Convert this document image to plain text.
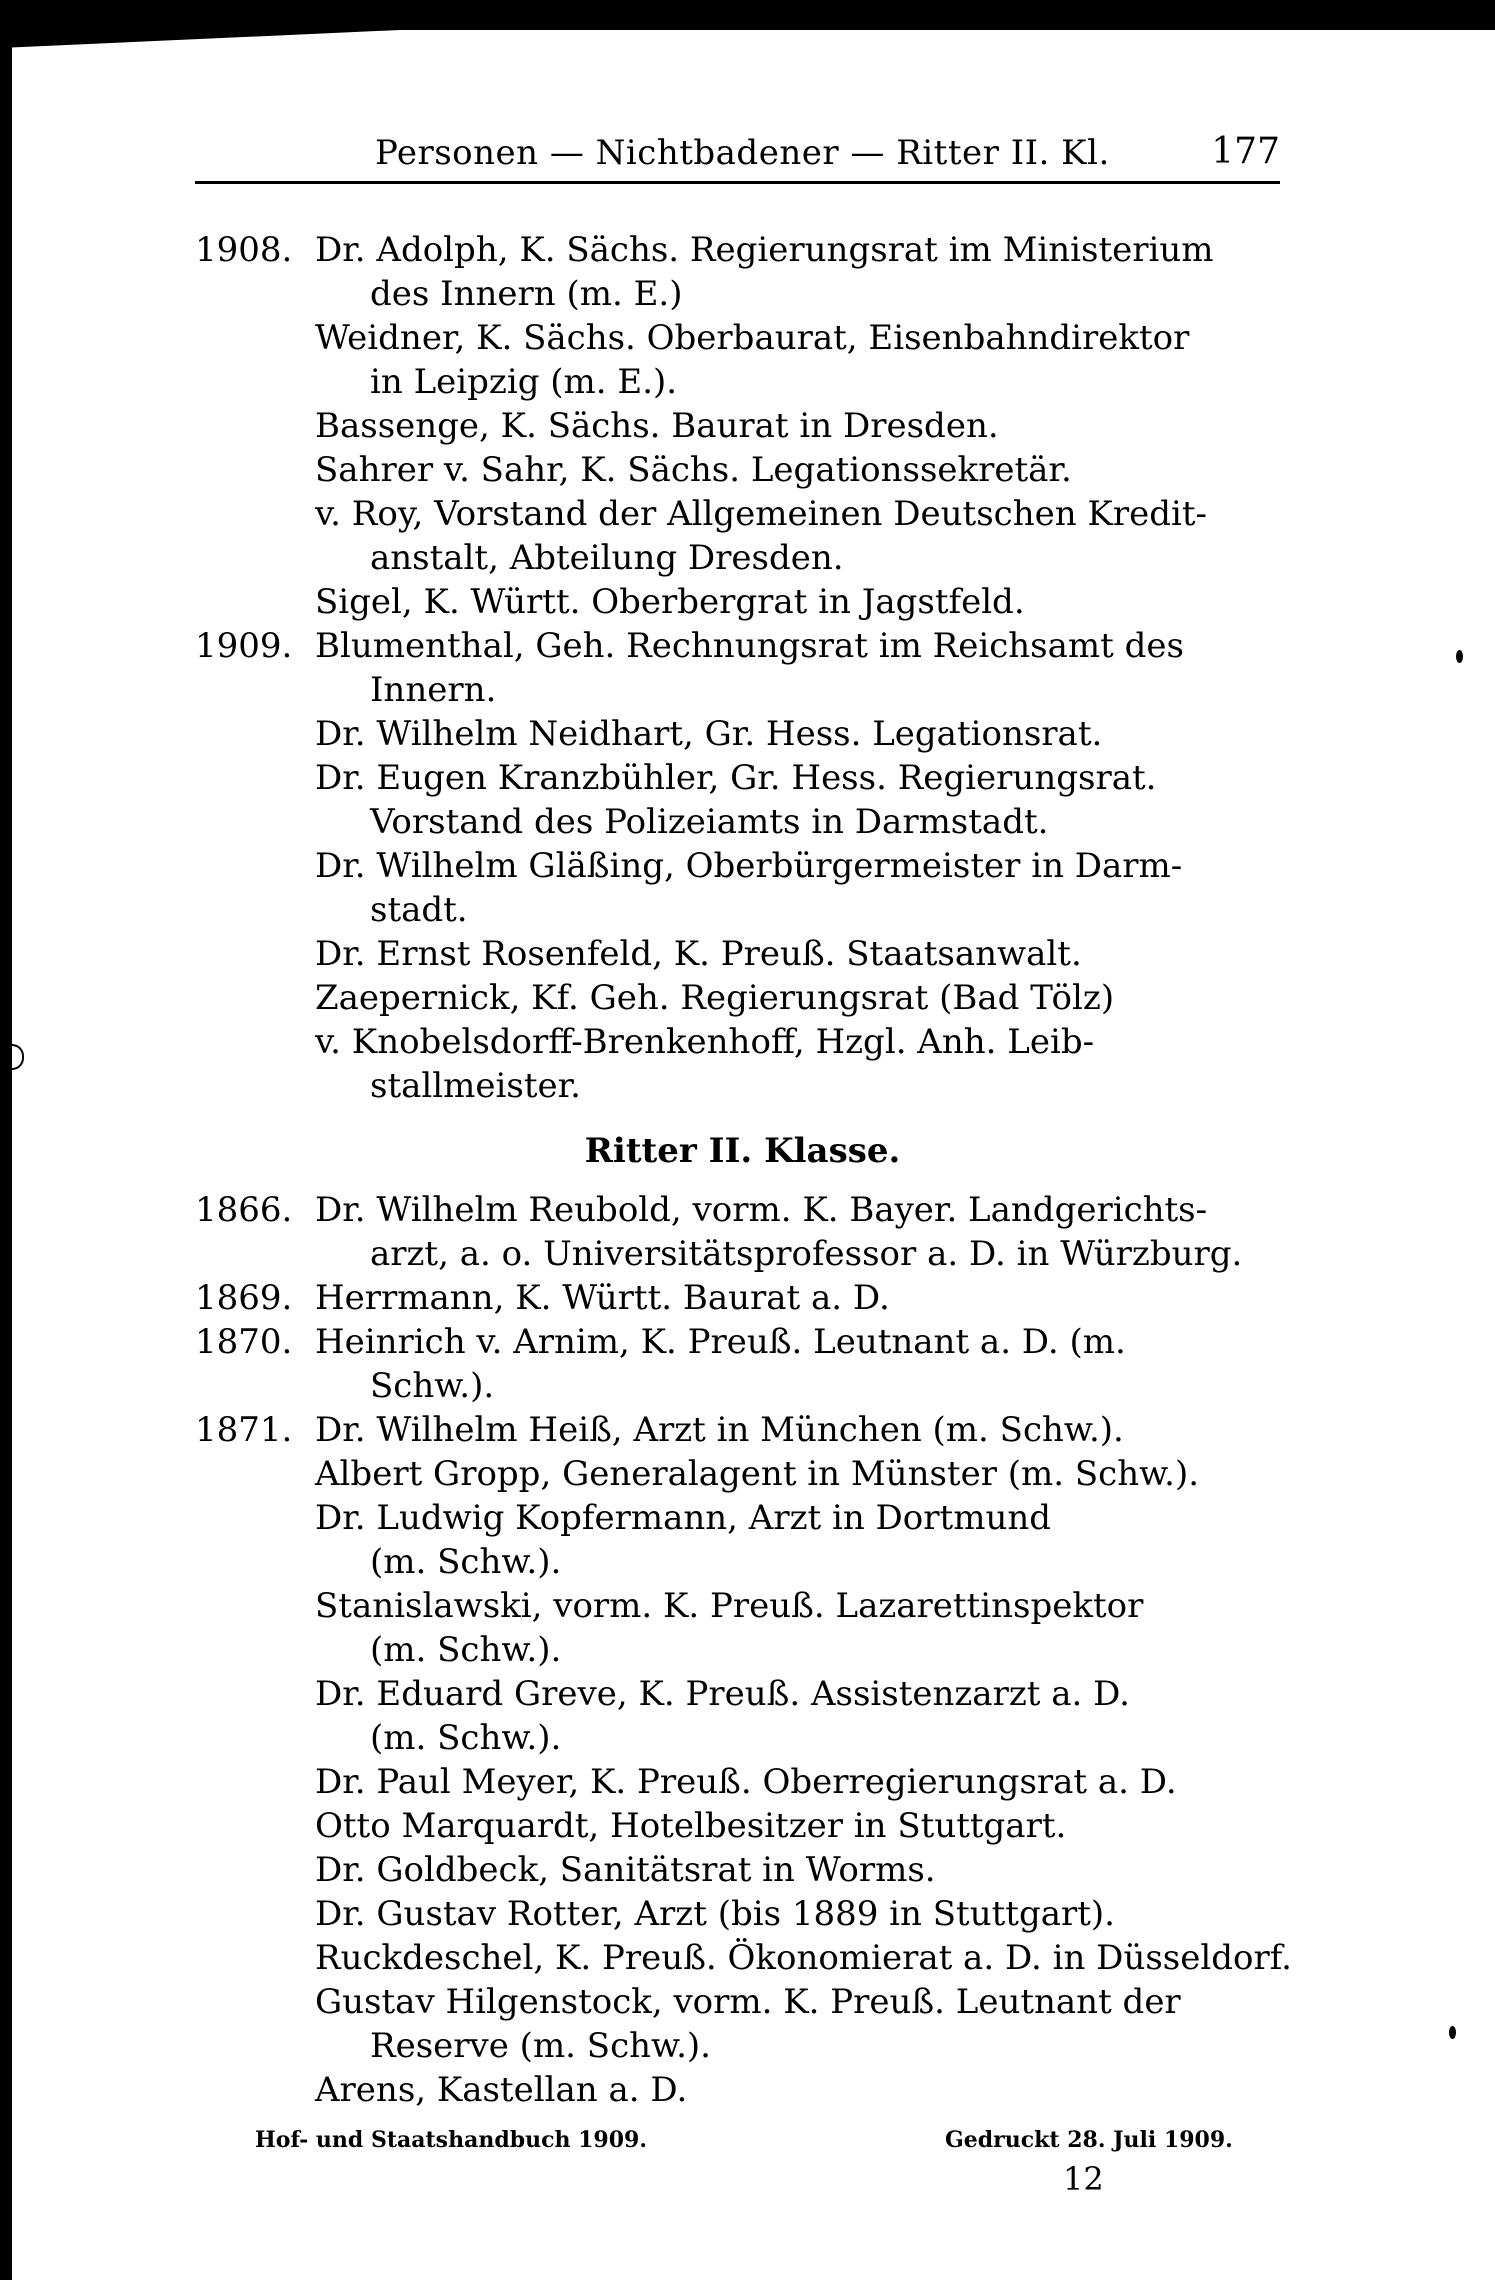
Personen — Nichtbadener — Ritter II. Kl.	177
1908. Dr. Adolph, K. Sächs. Regierungsrat im Ministerium
des Innern (m. E.)
Weidner, K. Sächs. Oberbaurat, Eisenbahndirektor
in Leipzig (m. E.).
Bassenge, K. Sächs. Baurat in Dresden.
Sahrer v. Sahr, K. Sächs. Legationssekretär.
v. Roy, Vorstand der Allgemeinen Deutschen Kredit-
anstalt, Abteilung Dresden.
Sigel, K. Württ. Oberbergrat in Jagstfeld.
1909. Blumenthal, Geh. Rechnungsrat im Reichsamt des
Innern.
Dr. Wilhelm Neidhart, Gr. Hess. Legationsrat.
Dr. Eugen Kranzbühler, Gr. Hess. Regierungsrat.
Vorstand des Polizeiamts in Darmstadt.
Dr. Wilhelm Gläßing, Oberbürgermeister in Darm-
stadt.
Dr. Ernst Rosenfeld, K. Preuß. Staatsanwalt.
Zaepernick, Kf. Geh. Regierungsrat (Bad Tölz)
v. Knobelsdorff-Brenkenhoff, Hzgl. Anh. Leib-
stallmeister.
Ritter II. Klasse.
1866. Dr. Wilhelm Reubold, vorm. K. Bayer. Landgerichts-
arzt, a. o. Universitätsprofessor a. D. in Würzburg.
1869. Herrmann, K. Württ. Baurat a. D.
1870. Heinrich v. Arnim, K. Preuß. Leutnant a. D. (m.
Schw.).
1871. Dr. Wilhelm Heiß, Arzt in München (m. Schw.).
Albert Gropp, Generalagent in Münster (m. Schw.).
Dr. Ludwig Kopfermann, Arzt in Dortmund
(m. Schw.).
Stanislawski, vorm. K. Preuß. Lazarettinspektor
(m. Schw.).
Dr. Eduard Greve, K. Preuß. Assistenzarzt a. D.
(m. Schw.).
Dr. Paul Meyer, K. Preuß. Oberregierungsrat a. D.
Otto Marquardt, Hotelbesitzer in Stuttgart.
Dr. Goldbeck, Sanitätsrat in Worms.
Dr. Gustav Rotter, Arzt (bis 1889 in Stuttgart).
Ruckdeschel, K. Preuß. Ökonomierat a. D. in Düsseldorf.
Gustav Hilgenstock, vorm. K. Preuß. Leutnant der
Reserve (m. Schw.).
Arens, Kastellan a. D.
Hof- und Staatshandbuch 1909.	Gedruckt 28. Juli 1909.
12
